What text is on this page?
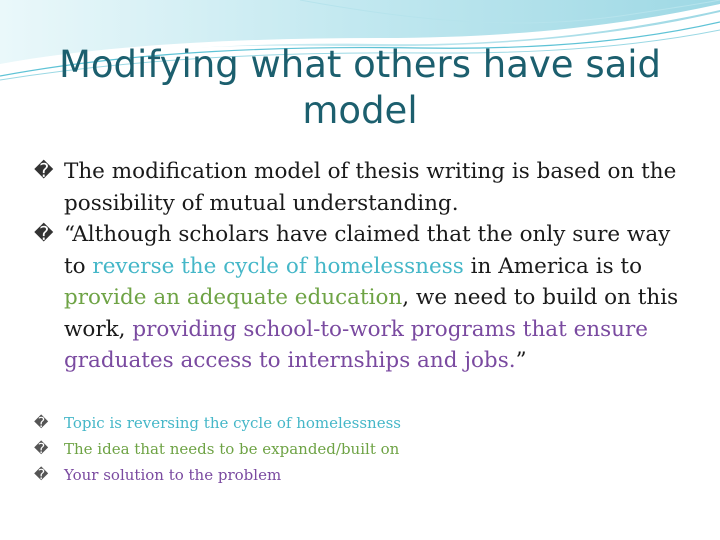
Modifying what others have said model

� The modification model of thesis writing is based on the possibility of mutual understanding.

� “Although scholars have claimed that the only sure way to reverse the cycle of homelessness in America is to provide an adequate education, we need to build on this work, providing school-to-work programs that ensure graduates access to internships and jobs.”

� Topic is reversing the cycle of homelessness

� The idea that needs to be expanded/built on

� Your solution to the problem
